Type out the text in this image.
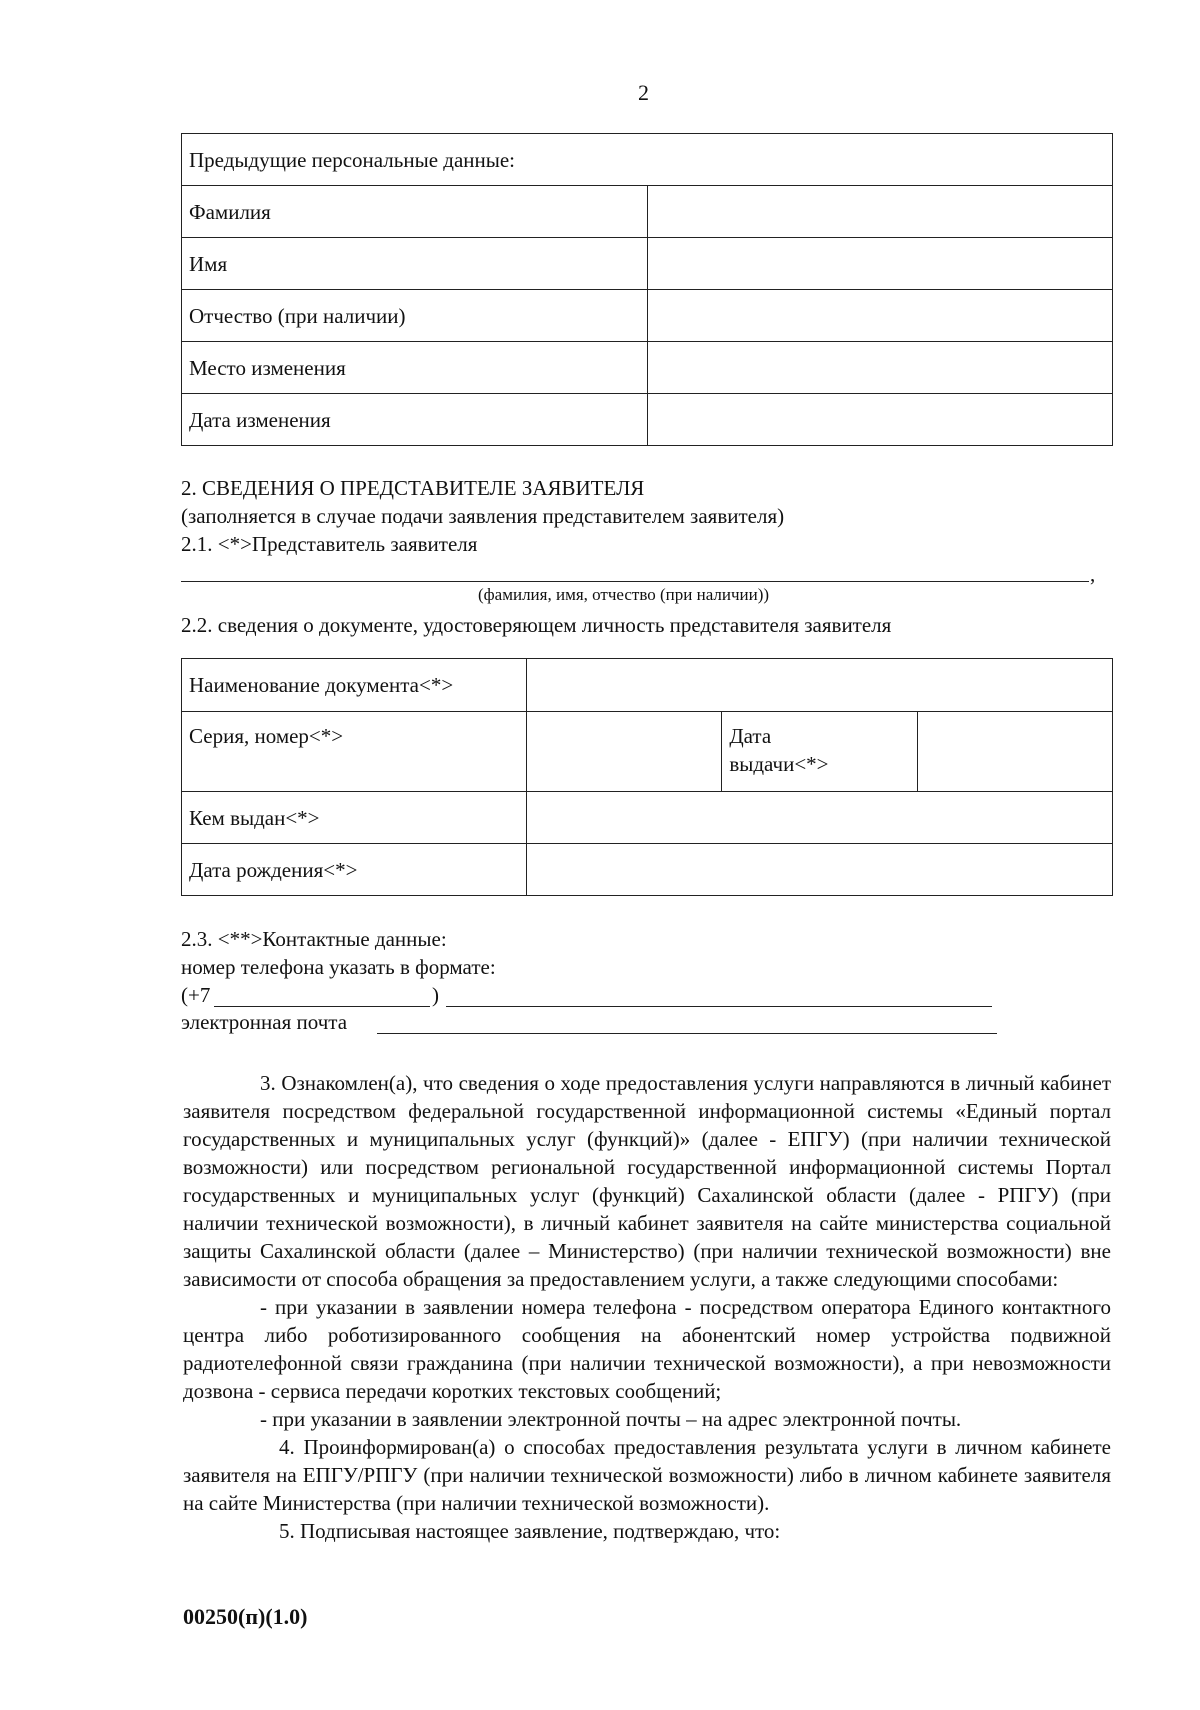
2
Предыдущие персональные данные:	
Фамилия	
Имя	
Отчество (при наличии)	
Место изменения	
Дата изменения	
2. СВЕДЕНИЯ О ПРЕДСТАВИТЕЛЕ ЗАЯВИТЕЛЯ
(заполняется в случае подачи заявления представителем заявителя)
2.1. <*>Представитель заявителя
,
(фамилия, имя, отчество (при наличии))
2.2. сведения о документе, удостоверяющем личность представителя заявителя
Наименование документа<*>			
Серия, номер<*>		Дата
выдачи<*>	
Кем выдан<*>			
Дата рождения<*>			
2.3. <**>Контактные данные:
номер телефона указать в формате:
(+7	)
электронная почта

3. Ознакомлен(а), что сведения о ходе предоставления услуги направляются в личный кабинет заявителя посредством федеральной государственной информационной системы «Единый портал государственных и муниципальных услуг (функций)» (далее - ЕПГУ) (при наличии технической возможности) или посредством региональной государственной информационной системы Портал государственных и муниципальных услуг (функций) Сахалинской области (далее - РПГУ) (при наличии технической возможности), в личный кабинет заявителя на сайте министерства социальной защиты Сахалинской области (далее – Министерство) (при наличии технической возможности) вне зависимости от способа обращения за предоставлением услуги, а также следующими способами:

- при указании в заявлении номера телефона - посредством оператора Единого контактного центра либо роботизированного сообщения на абонентский номер устройства подвижной радиотелефонной связи гражданина (при наличии технической возможности), а при невозможности дозвона - сервиса передачи коротких текстовых сообщений;

- при указании в заявлении электронной почты – на адрес электронной почты.

4. Проинформирован(а) о способах предоставления результата услуги в личном кабинете заявителя на ЕПГУ/РПГУ (при наличии технической возможности) либо в личном кабинете заявителя на сайте Министерства (при наличии технической возможности).

5. Подписывая настоящее заявление, подтверждаю, что:

00250(п)(1.0)
